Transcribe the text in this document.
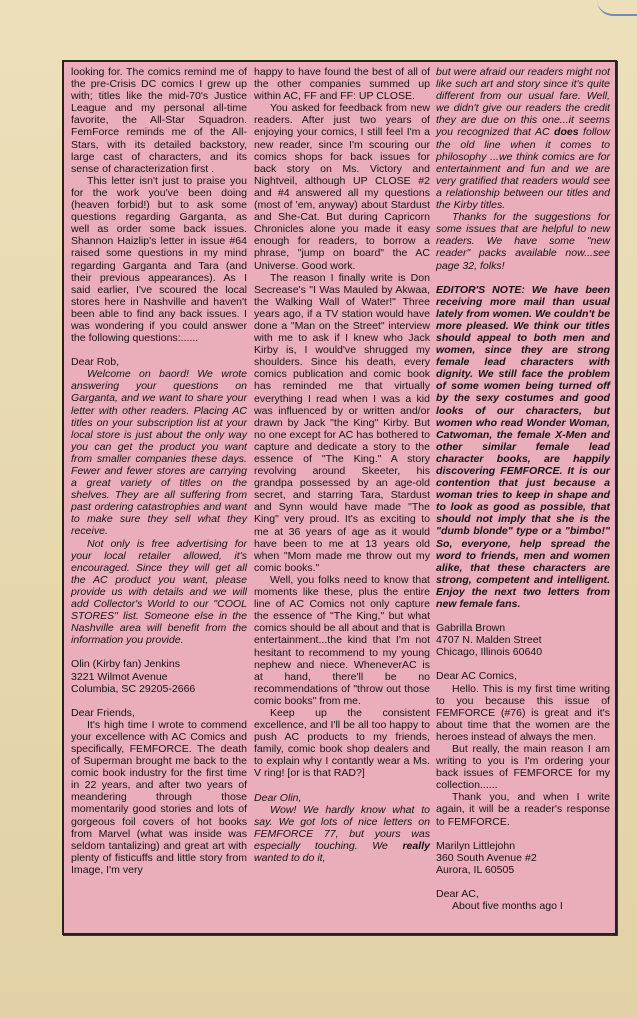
looking for. The comics remind me of the pre-Crisis DC comics I grew up with; titles like the mid-70's Justice League and my personal all-time favorite, the All-Star Squadron. FemForce reminds me of the All-Stars, with its detailed backstory, large cast of characters, and its sense of characterization first .

This letter isn't just to praise you for the work you've been doing (heaven forbid!) but to ask some questions regarding Garganta, as well as order some back issues. Shannon Haizlip's letter in issue #64 raised some questions in my mind regarding Garganta and Tara (and their previous appearances). As I said earlier, I've scoured the local stores here in Nashville and haven't been able to find any back issues. I was wondering if you could answer the following questions:......

Dear Rob,

Welcome on baord! We wrote answering your questions on Garganta, and we want to share your letter with other readers. Placing AC titles on your subscription list at your local store is just about the only way you can get the product you want from smaller companies these days. Fewer and fewer stores are carrying a great variety of titles on the shelves. They are all suffering from past ordering catastrophies and want to make sure they sell what they receive.

Not only is free advertising for your local retailer allowed, it's encouraged. Since they will get all the AC product you want, please provide us with details and we will add Collector's World to our "COOL STORES" list. Someone else in the Nashville area will benefit from the information you provide.

Olin (Kirby fan) Jenkins

3221 Wilmot Avenue

Columbia, SC 29205-2666

Dear Friends,

It's high time I wrote to commend your excellence with AC Comics and specifically, FEMFORCE. The death of Superman brought me back to the comic book industry for the first time in 22 years, and after two years of meandering through those momentarily good stories and lots of gorgeous foil covers of hot books from Marvel (what was inside was seldom tantalizing) and great art with plenty of fisticuffs and little story from Image, I'm very

happy to have found the best of all of the other companies summed up within AC, FF and FF: UP CLOSE.

You asked for feedback from new readers. After just two years of enjoying your comics, I still feel I'm a new reader, since I'm scouring our comics shops for back issues for back story on Ms. Victory and Nightveil, although UP CLOSE #2 and #4 answered all my questions (most of 'em, anyway) about Stardust and She-Cat. But during Capricorn Chronicles alone you made it easy enough for readers, to borrow a phrase, "jump on board" the AC Universe. Good work.

The reason I finally write is Don Secrease's "I Was Mauled by Akwaa, the Walking Wall of Water!" Three years ago, if a TV station would have done a "Man on the Street" interview with me to ask if I knew who Jack Kirby is, I would've shrugged my shoulders. Since his death, every comics publication and comic book has reminded me that virtually everything I read when I was a kid was influenced by or written and/or drawn by Jack "the King" Kirby. But no one except for AC has bothered to capture and dedicate a story to the essence of "The King." A story revolving around Skeeter, his grandpa possessed by an age-old secret, and starring Tara, Stardust and Synn would have made "The King" very proud. It's as exciting to me at 36 years of age as it would have been to me at 13 years old when "Mom made me throw out my comic books."

Well, you folks need to know that moments like these, plus the entire line of AC Comics not only capture the essence of "The King," but what comics should be all about and that is entertainment...the kind that I'm not hesitant to recommend to my young nephew and niece. WheneverAC is at hand, there'll be no recommendations of "throw out those comic books" from me.

Keep up the consistent excellence, and I'll be all too happy to push AC products to my friends, family, comic book shop dealers and to explain why I contantly wear a Ms. V ring! [or is that RAD?]

Dear Olin,

Wow! We hardly know what to say. We got lots of nice letters on FEMFORCE 77, but yours was especially touching. We really wanted to do it,

but were afraid our readers might not like such art and story since it's quite different from our usual fare. Well, we didn't give our readers the credit they are due on this one...it seems you recognized that AC does follow the old line when it comes to philosophy ...we think comics are for entertainment and fun and we are very gratified that readers would see a relationship between our titles and the Kirby titles.

Thanks for the suggestions for some issues that are helpful to new readers. We have some "new reader" packs available now...see page 32, folks!

EDITOR'S NOTE: We have been receiving more mail than usual lately from women. We couldn't be more pleased. We think our titles should appeal to both men and women, since they are strong female lead characters with dignity. We still face the problem of some women being turned off by the sexy costumes and good looks of our characters, but women who read Wonder Woman, Catwoman, the female X-Men and other similar female lead character books, are happily discovering FEMFORCE. It is our contention that just because a woman tries to keep in shape and to look as good as possible, that should not imply that she is the "dumb blonde" type or a "bimbo!" So, everyone, help spread the word to friends, men and women alike, that these characters are strong, competent and intelligent. Enjoy the next two letters from new female fans.

Gabrilla Brown

4707 N. Malden Street

Chicago, Illinois 60640

Dear AC Comics,

Hello. This is my first time writing to you because this issue of FEMFORCE (#76) is great and it's about time that the women are the heroes instead of always the men.

But really, the main reason I am writing to you is I'm ordering your back issues of FEMFORCE for my collection......

Thank you, and when I write again, it will be a reader's response to FEMFORCE.

Marilyn Littlejohn

360 South Avenue #2

Aurora, IL 60505

Dear AC,

About five months ago I
